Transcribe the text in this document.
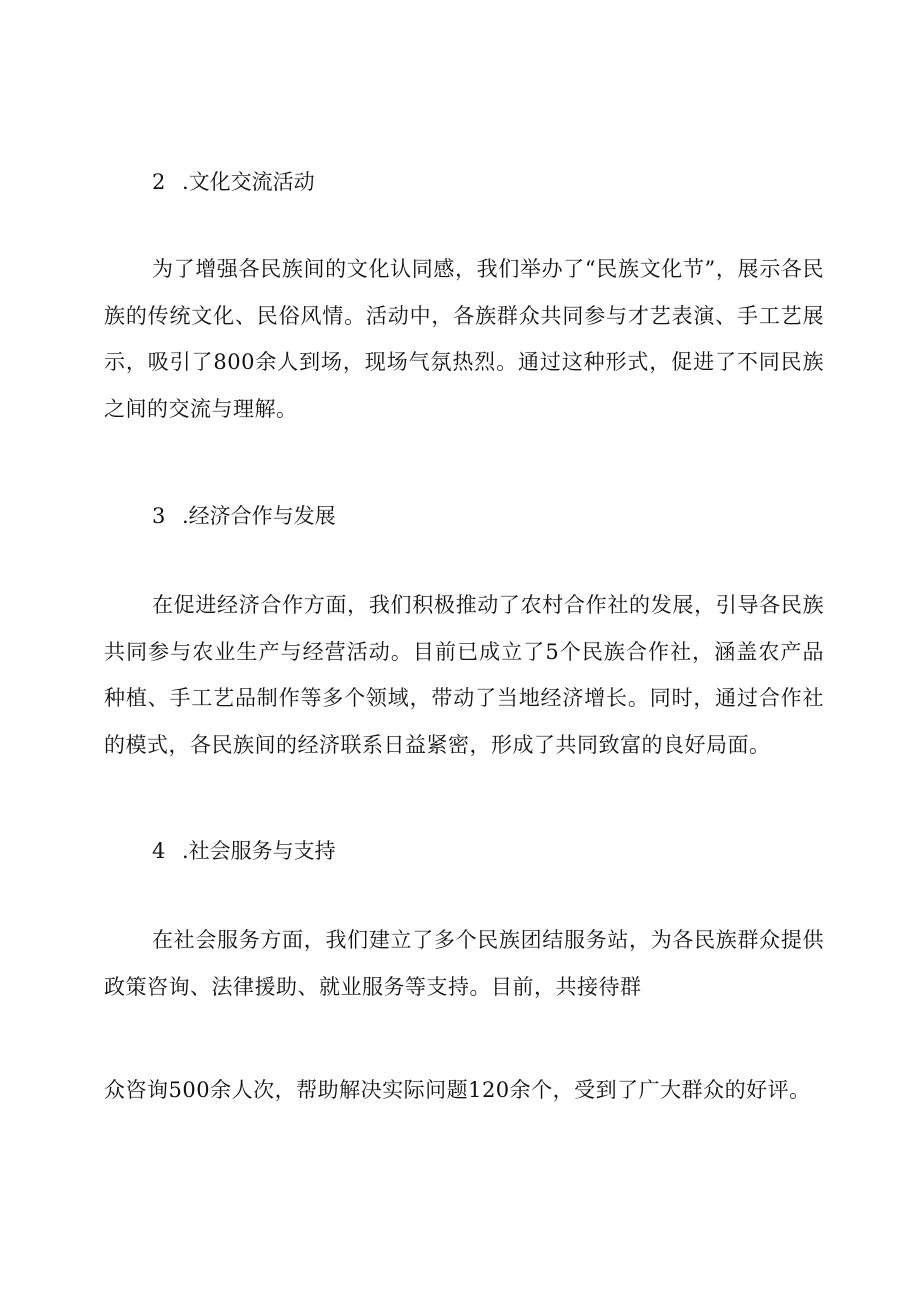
2 .文化交流活动

为了增强各民族间的文化认同感，我们举办了“民族文化节”，展示各民族的传统文化、民俗风情。活动中，各族群众共同参与才艺表演、手工艺展示，吸引了800余人到场，现场气氛热烈。通过这种形式，促进了不同民族之间的交流与理解。

3 .经济合作与发展

在促进经济合作方面，我们积极推动了农村合作社的发展，引导各民族共同参与农业生产与经营活动。目前已成立了5个民族合作社，涵盖农产品种植、手工艺品制作等多个领域，带动了当地经济增长。同时，通过合作社的模式，各民族间的经济联系日益紧密，形成了共同致富的良好局面。

4 .社会服务与支持

在社会服务方面，我们建立了多个民族团结服务站，为各民族群众提供政策咨询、法律援助、就业服务等支持。目前，共接待群

众咨询500余人次，帮助解决实际问题120余个，受到了广大群众的好评。
